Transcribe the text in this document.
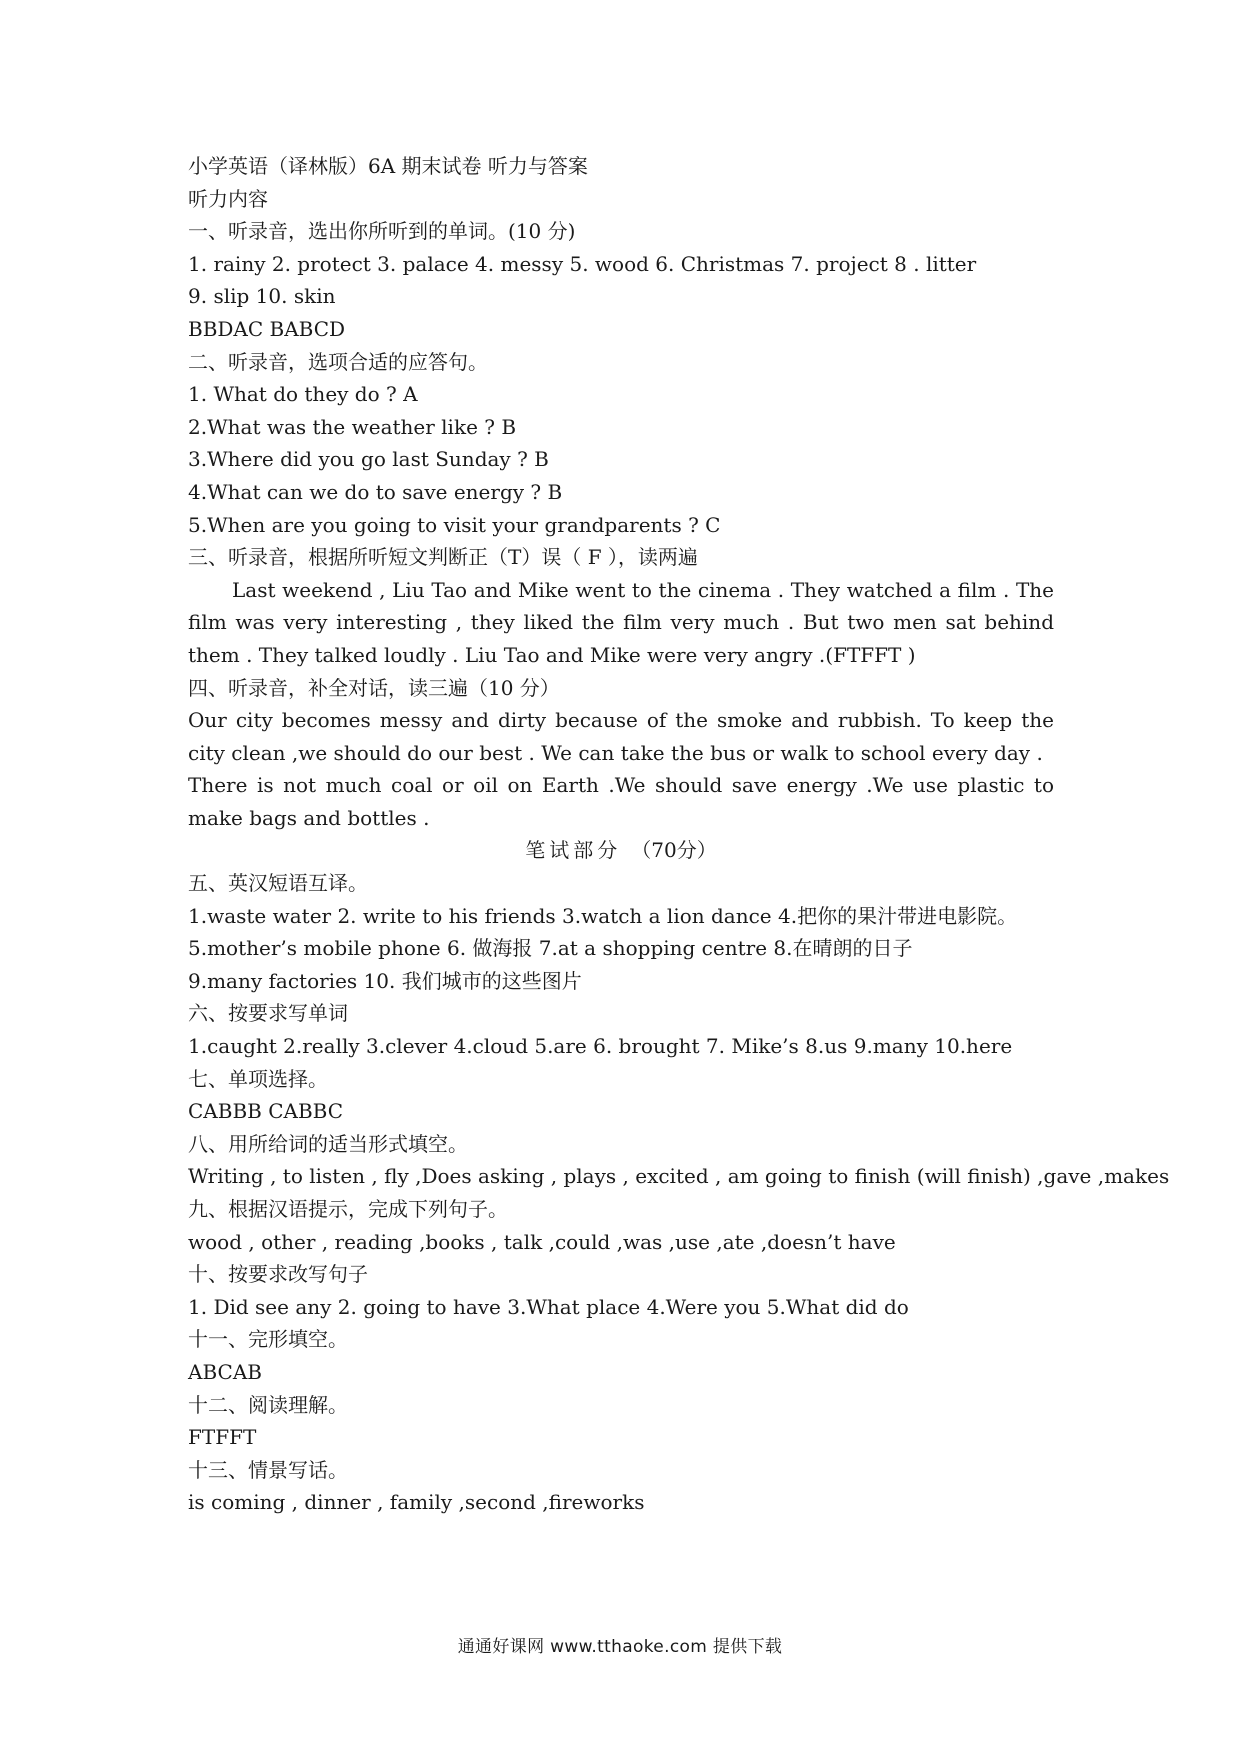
小学英语（译林版）6A 期末试卷 听力与答案
听力内容
一、听录音，选出你所听到的单词。(10 分)
1. rainy 2. protect 3. palace 4. messy 5. wood 6. Christmas 7. project 8 . litter
9. slip 10. skin
BBDAC BABCD
二、听录音，选项合适的应答句。
1. What do they do ? A
2.What was the weather like ? B
3.Where did you go last Sunday ? B
4.What can we do to save energy ? B
5.When are you going to visit your grandparents ? C
三、听录音，根据所听短文判断正（T）误（ F ），读两遍
Last weekend , Liu Tao and Mike went to the cinema . They watched a film . The film was very interesting , they liked the film very much . But two men sat behind them . They talked loudly . Liu Tao and Mike were very angry .(FTFFT )
四、听录音，补全对话，读三遍（10 分）
Our city becomes messy and dirty because of the smoke and rubbish. To keep the city clean ,we should do our best . We can take the bus or walk to school every day .
There is not much coal or oil on Earth .We should save energy .We use plastic to make bags and bottles .
笔试部分 （70分）
五、英汉短语互译。
1.waste water 2. write to his friends 3.watch a lion dance 4.把你的果汁带进电影院。
5.mother’s mobile phone 6. 做海报 7.at a shopping centre 8.在晴朗的日子
9.many factories 10. 我们城市的这些图片
六、按要求写单词
1.caught 2.really 3.clever 4.cloud 5.are 6. brought 7. Mike’s 8.us 9.many 10.here
七、单项选择。
CABBB CABBC
八、用所给词的适当形式填空。
Writing , to listen , fly ,Does asking , plays , excited , am going to finish (will finish) ,gave ,makes
九、根据汉语提示，完成下列句子。
wood , other , reading ,books , talk ,could ,was ,use ,ate ,doesn’t have
十、按要求改写句子
1. Did see any 2. going to have 3.What place 4.Were you 5.What did do
十一、完形填空。
ABCAB
十二、阅读理解。
FTFFT
十三、情景写话。
is coming , dinner , family ,second ,fireworks
通通好课网 www.tthaoke.com 提供下载
